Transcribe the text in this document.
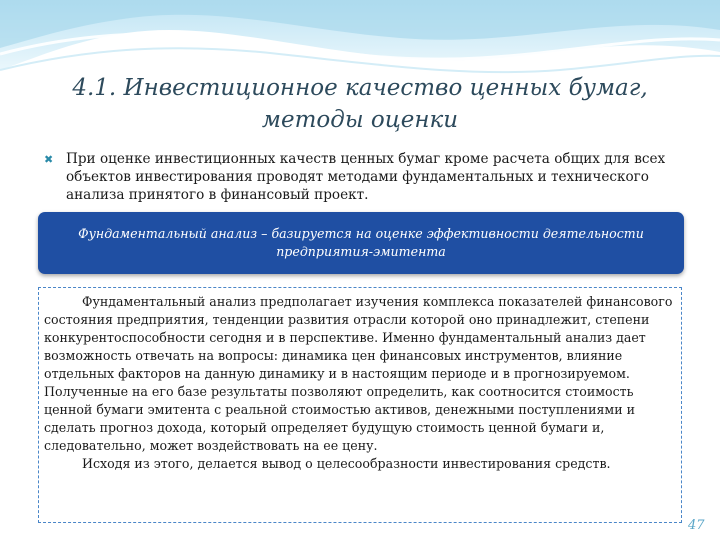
4.1. Инвестиционное качество ценных бумаг,
методы оценки
✖ При оценке инвестиционных качеств ценных бумаг кроме расчета общих для всех объектов инвестирования проводят методами фундаментальных и технического анализа принятого в финансовый проект.
Фундаментальный анализ – базируется на оценке эффективности деятельности
предприятия-эмитента

Фундаментальный анализ предполагает изучения комплекса показателей финансового состояния предприятия, тенденции развития отрасли которой оно принадлежит, степени конкурентоспособности сегодня и в перспективе. Именно фундаментальный анализ дает возможность отвечать на вопросы: динамика цен финансовых инструментов, влияние отдельных факторов на данную динамику и в настоящим периоде и в прогнозируемом. Полученные на его базе результаты позволяют определить, как соотносится стоимость ценной бумаги эмитента с реальной стоимостью активов, денежными поступлениями и сделать прогноз дохода, который определяет будущую стоимость ценной бумаги и, следовательно, может воздействовать на ее цену.

Исходя из этого, делается вывод о целесообразности инвестирования средств.

47
